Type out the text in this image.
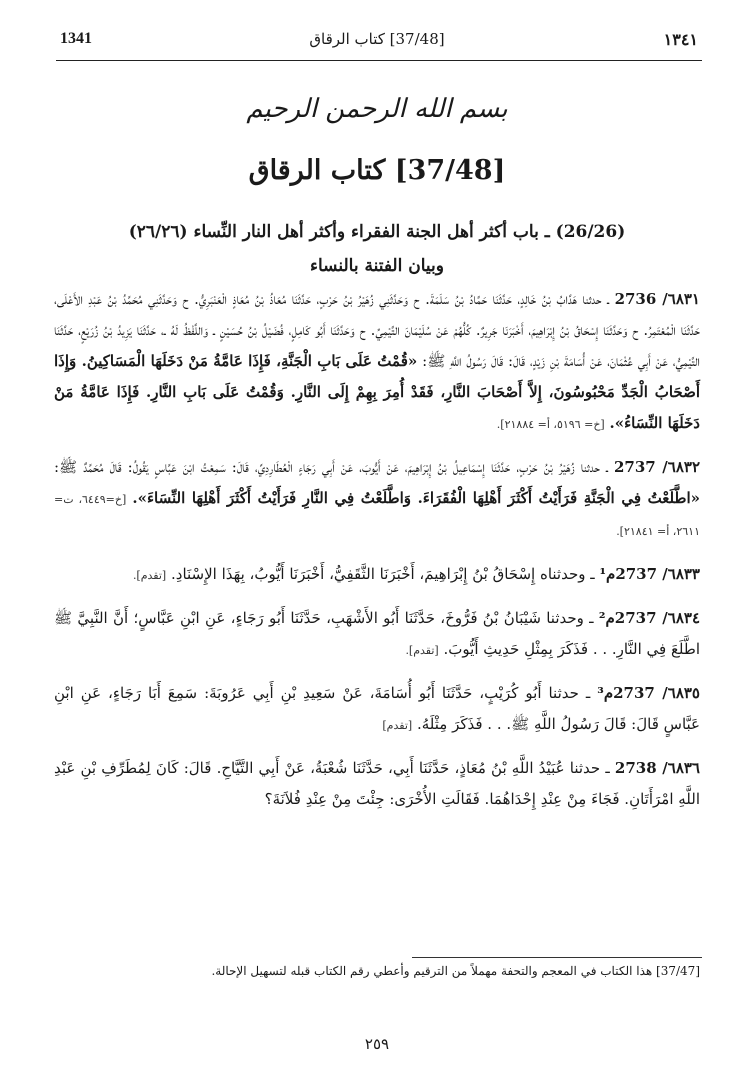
1341	[37/48] كتاب الرقاق	١٣٤١
بسم الله الرحمن الرحيم
[37/48] كتاب الرقاق
(26/26) ـ باب أكثر أهل الجنة الفقراء وأكثر أهل النار النِّساء (٢٦/٢٦)
وبيان الفتنة بالنساء

٦٨٣١/ 2736 ـ حدثنا هَدَّابُ بْنُ خَالِدٍ، حَدَّثَنَا حَمَّادُ بْنُ سَلَمَةَ. ح وَحَدَّثَنِي زُهَيْرُ بْنُ حَرْبٍ، حَدَّثَنَا مُعَاذُ بْنُ مُعَاذٍ الْعَنْبَرِيُّ. ح وَحَدَّثَنِي مُحَمَّدُ بْنُ عَبْدِ الأَعْلَى، حَدَّثَنَا الْمُعْتَمِرُ. ح وَحَدَّثَنَا إِسْحَاقُ بْنُ إِبْرَاهِيمَ، أَخْبَرَنَا جَرِيرٌ. كُلُّهُمْ عَنْ سُلَيْمَانَ التَّيْمِيِّ. ح وَحَدَّثَنَا أَبُو كَامِلٍ، فُضَيْلُ بْنُ حُسَيْنٍ ـ وَاللَّفْظُ لَهُ ـ، حَدَّثَنَا يَزِيدُ بْنُ زُرَيْعٍ، حَدَّثَنَا التَّيْمِيُّ، عَنْ أَبِي عُثْمَانَ، عَنْ أُسَامَةَ بْنِ زَيْدٍ، قَالَ: قَالَ رَسُولُ اللَّهِ ﷺ: «قُمْتُ عَلَى بَابِ الْجَنَّةِ، فَإِذَا عَامَّةُ مَنْ دَخَلَهَا الْمَسَاكِينُ. وَإِذَا أَصْحَابُ الْجَدِّ مَحْبُوسُونَ، إِلاَّ أَصْحَابَ النَّارِ، فَقَدْ أُمِرَ بِهِمْ إِلَى النَّارِ. وَقُمْتُ عَلَى بَابِ النَّارِ. فَإِذَا عَامَّةُ مَنْ دَخَلَهَا النِّسَاءُ». [خ= ٥١٩٦، أ= ٢١٨٨٤].

٦٨٣٢/ 2737 ـ حدثنا زُهَيْرُ بْنُ حَرْبٍ، حَدَّثَنَا إِسْمَاعِيلُ بْنُ إِبْرَاهِيمَ، عَنْ أَيُّوبَ، عَنْ أَبِي رَجَاءٍ الْعُطَارِدِيِّ، قَالَ: سَمِعْتُ ابْنَ عَبَّاسٍ يَقُولُ: قَالَ مُحَمَّدٌ ﷺ: «اطَّلَعْتُ فِي الْجَنَّةِ فَرَأَيْتُ أَكْثَرَ أَهْلِهَا الْفُقَرَاءَ. وَاطَّلَعْتُ فِي النَّارِ فَرَأَيْتُ أَكْثَرَ أَهْلِهَا النِّسَاءَ». [خ=٦٤٤٩، ت= ٢٦١١، أ= ٢١٨٤١].

٦٨٣٣/ 2737م¹ ـ وحدثناه إِسْحَاقُ بْنُ إِبْرَاهِيمَ، أَخْبَرَنَا الثَّقَفِيُّ، أَخْبَرَنَا أَيُّوبُ، بِهَذَا الإِسْنَادِ. [تقدم].

٦٨٣٤/ 2737م² ـ وحدثنا شَيْبَانُ بْنُ فَرُّوخَ، حَدَّثَنَا أَبُو الأَشْهَبِ، حَدَّثَنَا أَبُو رَجَاءٍ، عَنِ ابْنِ عَبَّاسٍ؛ أَنَّ النَّبِيَّ ﷺ اطَّلَعَ فِي النَّارِ. . . فَذَكَرَ بِمِثْلِ حَدِيثِ أَيُّوبَ. [تقدم].

٦٨٣٥/ 2737م³ ـ حدثنا أَبُو كُرَيْبٍ، حَدَّثَنَا أَبُو أُسَامَةَ، عَنْ سَعِيدِ بْنِ أَبِي عَرُوبَةَ: سَمِعَ أَبَا رَجَاءٍ، عَنِ ابْنِ عَبَّاسٍ قَالَ: قَالَ رَسُولُ اللَّهِ ﷺ. . . فَذَكَرَ مِثْلَهُ. [تقدم]

٦٨٣٦/ 2738 ـ حدثنا عُبَيْدُ اللَّهِ بْنُ مُعَاذٍ، حَدَّثَنَا أَبِي، حَدَّثَنَا شُعْبَةُ، عَنْ أَبِي التَّيَّاحِ. قَالَ: كَانَ لِمُطَرِّفِ بْنِ عَبْدِ اللَّهِ امْرَأَتَانِ. فَجَاءَ مِنْ عِنْدِ إِحْدَاهُمَا. فَقَالَتِ الأُخْرَى: جِئْتَ مِنْ عِنْدِ فُلاَنَةَ؟

[37/47] هذا الكتاب في المعجم والتحفة مهملاً من الترقيم وأعطي رقم الكتاب قبله لتسهيل الإحالة.
٢٥٩
